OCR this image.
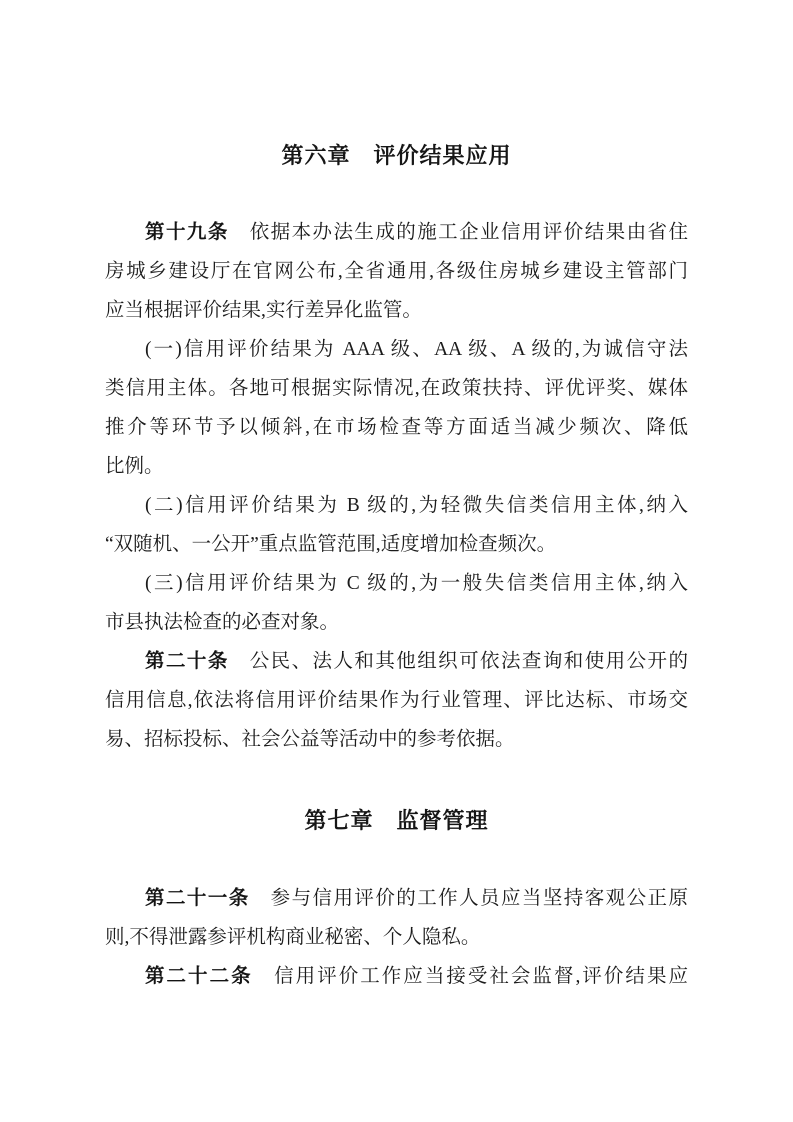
第六章　评价结果应用
第十九条　依据本办法生成的施工企业信用评价结果由省住
房城乡建设厅在官网公布,全省通用,各级住房城乡建设主管部门
应当根据评价结果,实行差异化监管。
(一)信用评价结果为 AAA 级、AA 级、A 级的,为诚信守法
类信用主体。各地可根据实际情况,在政策扶持、评优评奖、媒体
推介等环节予以倾斜,在市场检查等方面适当减少频次、降低
比例。
(二)信用评价结果为 B 级的,为轻微失信类信用主体,纳入
“双随机、一公开”重点监管范围,适度增加检查频次。
(三)信用评价结果为 C 级的,为一般失信类信用主体,纳入
市县执法检查的必查对象。
第二十条　公民、法人和其他组织可依法查询和使用公开的
信用信息,依法将信用评价结果作为行业管理、评比达标、市场交
易、招标投标、社会公益等活动中的参考依据。
第七章　监督管理
第二十一条　参与信用评价的工作人员应当坚持客观公正原
则,不得泄露参评机构商业秘密、个人隐私。
第二十二条　信用评价工作应当接受社会监督,评价结果应
